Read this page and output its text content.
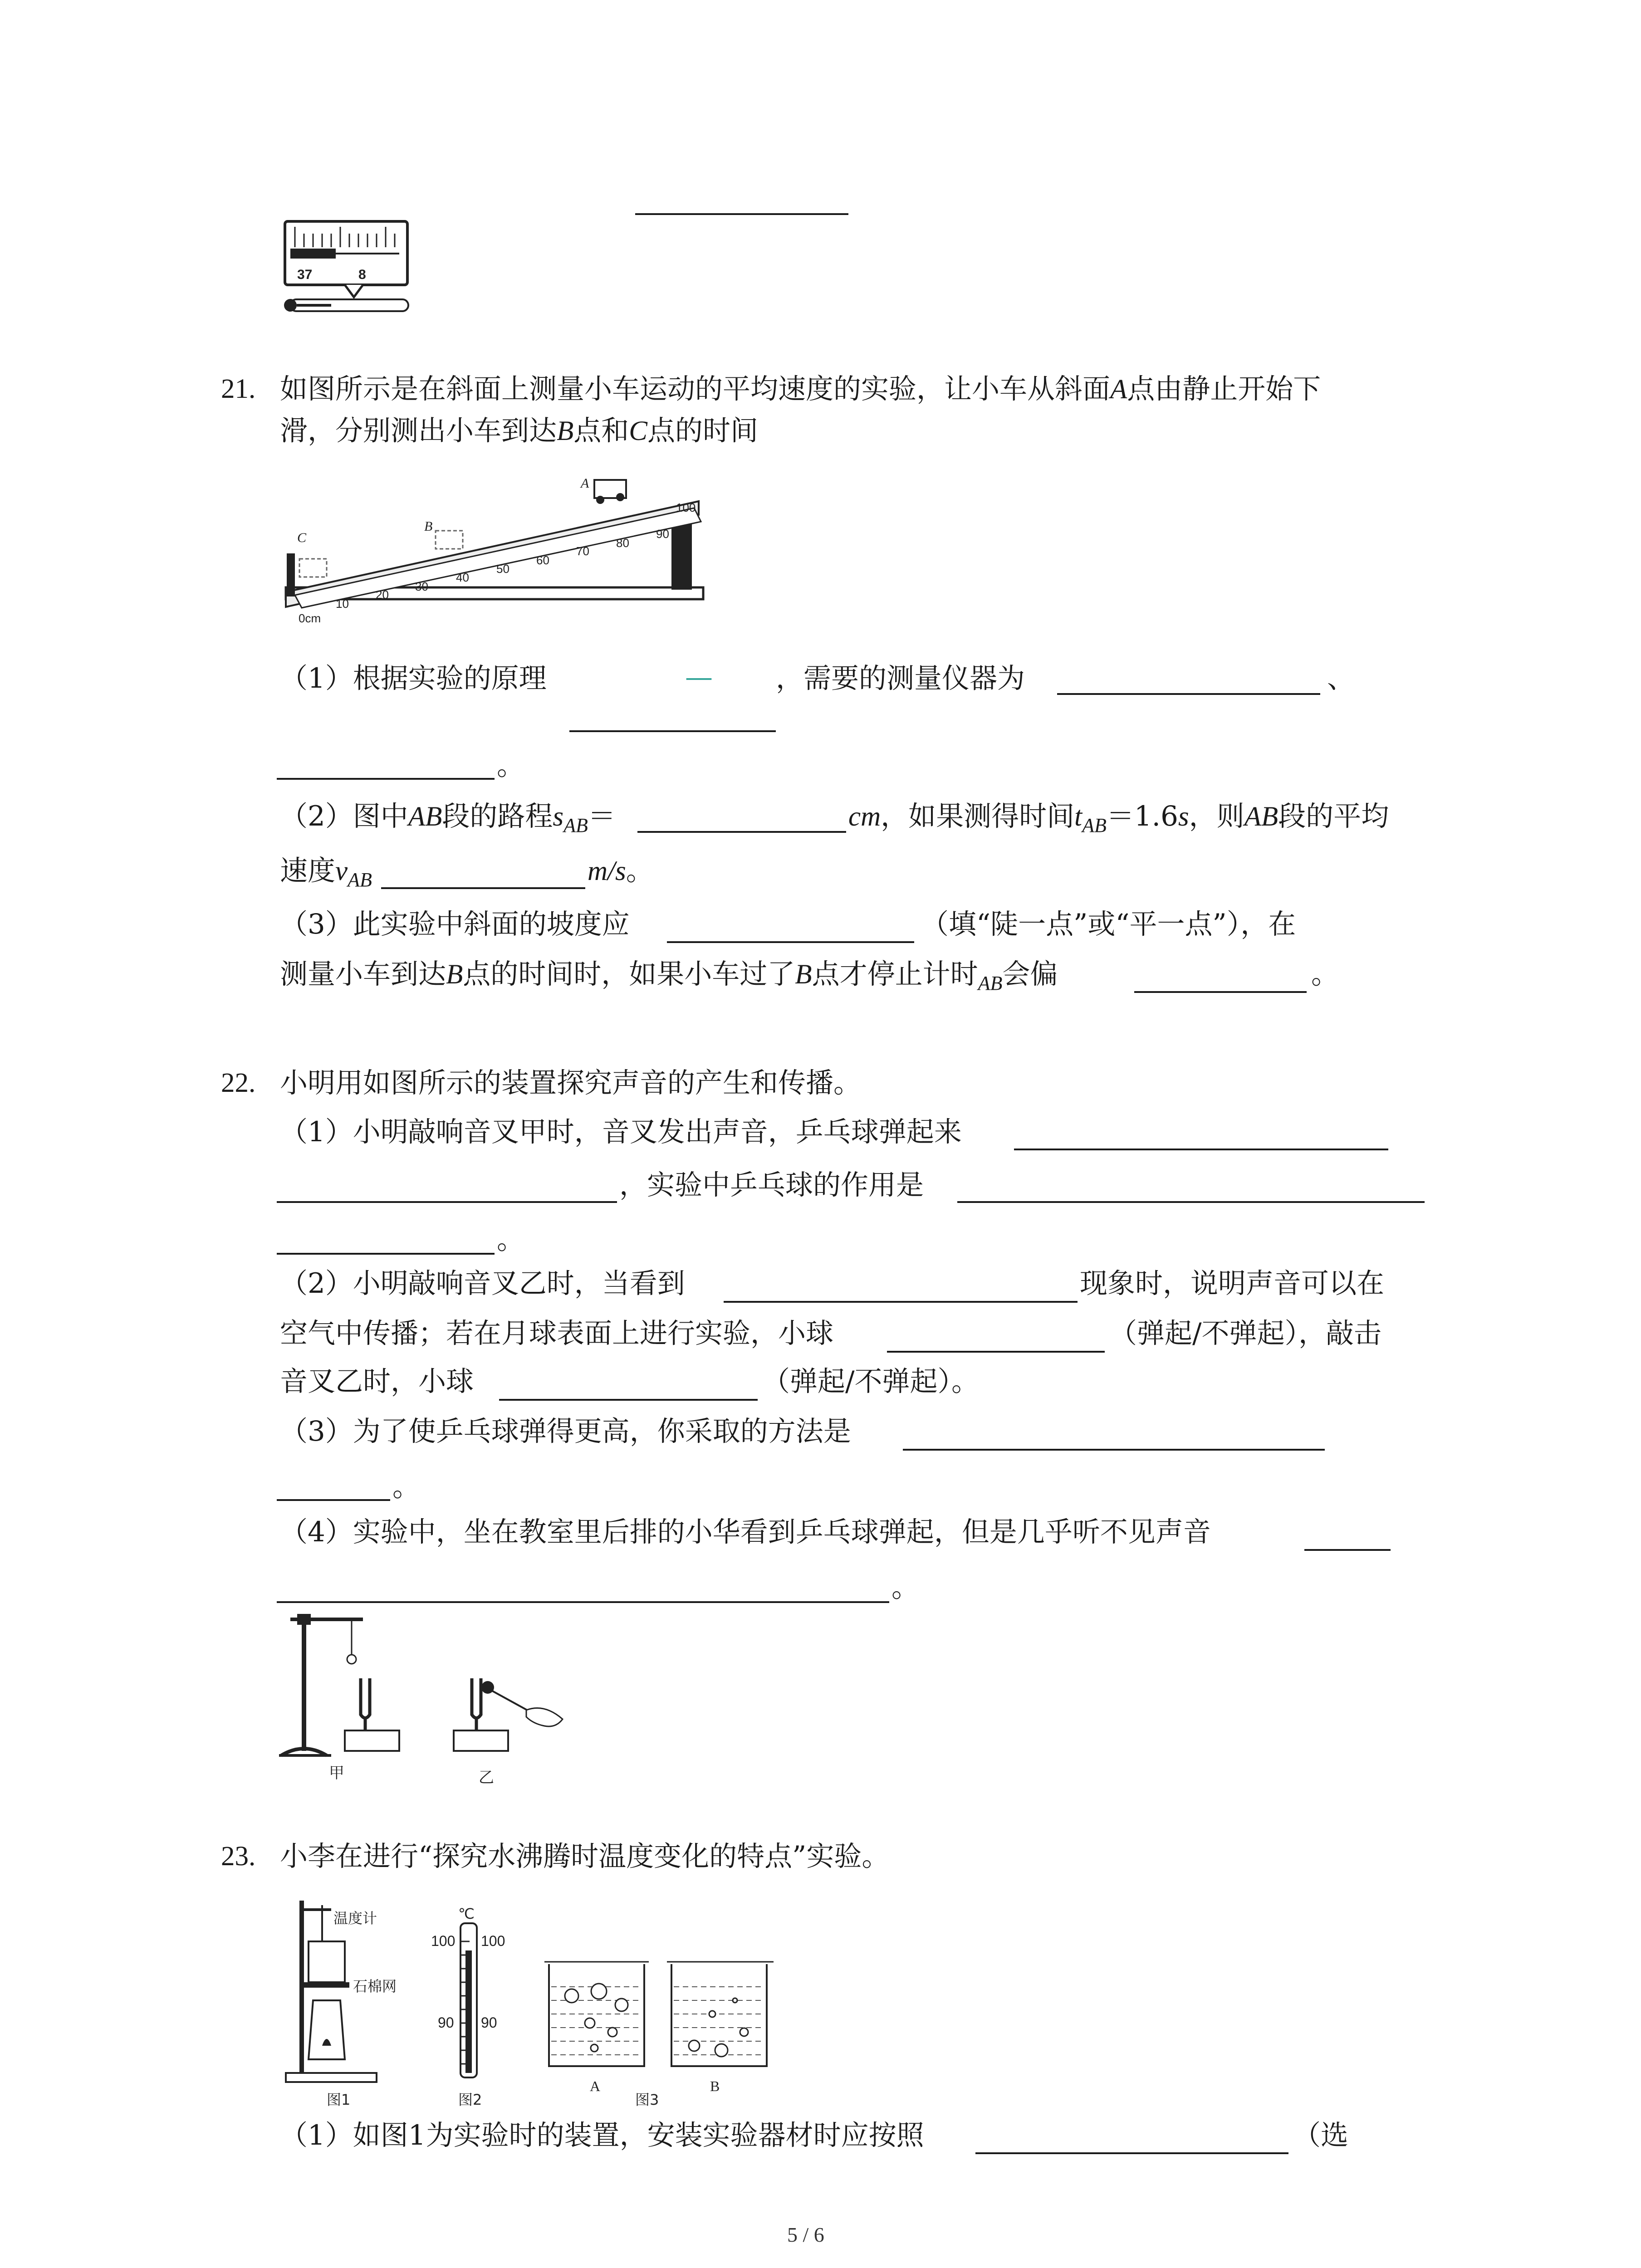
37	8
21. 如图所示是在斜面上测量小车运动的平均速度的实验，让小车从斜面A点由静止开始下
滑，分别测出小车到达B点和C点的时间
C
B
A
0cm
10
20
30
40
50
60
70
80
90
100
（1）根据实验的原理	— ，需要的测量仪器为	、
。
（2）图中AB段的路程$s_{AB}=$	cm，如果测得时间$t_{AB}=1.6s$，则AB段的平均
速度$v_{AB}$	m/s。
（3）此实验中斜面的坡度应	（填“陡一点”或“平一点”），在
测量小车到达B点的时间时，如果小车过了B点才停止计时$_{AB}$会偏	。
22. 小明用如图所示的装置探究声音的产生和传播。
（1）小明敲响音叉甲时，音叉发出声音，乒乓球弹起来
，实验中乒乓球的作用是
。
（2）小明敲响音叉乙时，当看到	现象时，说明声音可以在
空气中传播；若在月球表面上进行实验，小球	（弹起/不弹起），敲击
音叉乙时，小球	（弹起/不弹起）。
（3）为了使乒乓球弹得更高，你采取的方法是
。
（4）实验中，坐在教室里后排的小华看到乒乓球弹起，但是几乎听不见声音
。
甲	乙
23. 小李在进行“探究水沸腾时温度变化的特点”实验。
温度计
石棉网
图1
℃
100 100
90 90
图2
A	B
图3
（1）如图1为实验时的装置，安装实验器材时应按照	（选
5 / 6
